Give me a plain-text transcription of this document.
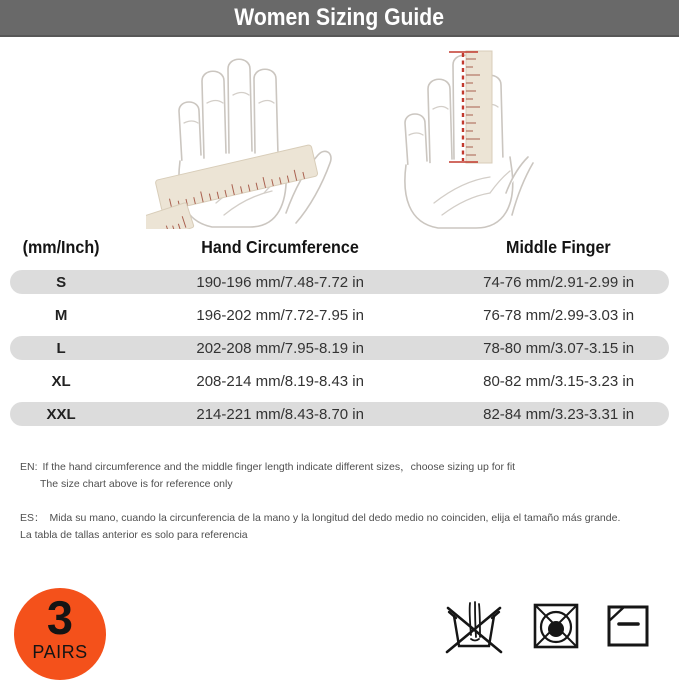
Women Sizing Guide
(mm/Inch)	Hand Circumference	Middle Finger
S	190-196 mm/7.48-7.72 in	74-76 mm/2.91-2.99 in
M	196-202 mm/7.72-7.95 in	76-78 mm/2.99-3.03 in
L	202-208 mm/7.95-8.19 in	78-80 mm/3.07-3.15 in
XL	208-214 mm/8.19-8.43 in	80-82 mm/3.15-3.23 in
XXL	214-221 mm/8.43-8.70 in	82-84 mm/3.23-3.31 in
EN: If the hand circumference and the middle finger length indicate different sizes，choose sizing up for fit
The size chart above is for reference only
ES： Mida su mano, cuando la circunferencia de la mano y la longitud del dedo medio no coinciden, elija el tamaño más grande.
La tabla de tallas anterior es solo para referencia
3
PAIRS
